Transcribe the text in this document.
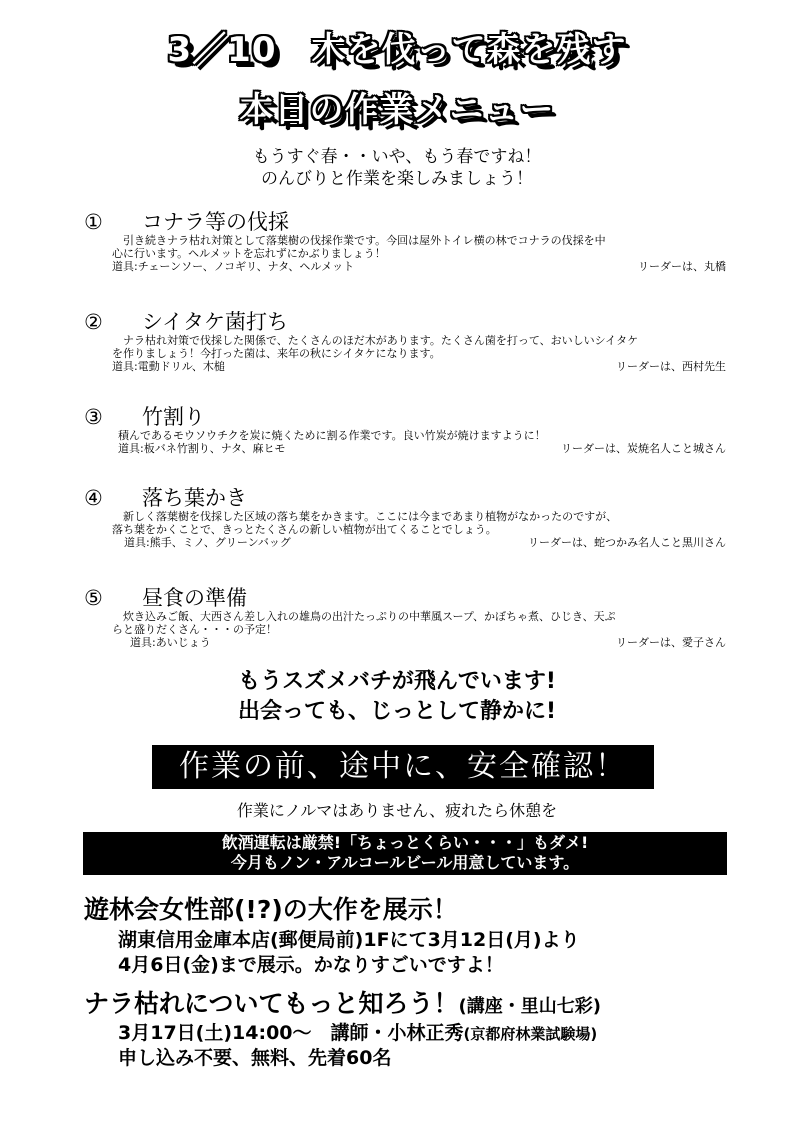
3／10　木を伐って森を残す
本日の作業メニュー
もうすぐ春・・いや、もう春ですね！
のんびりと作業を楽しみましょう！
① コナラ等の伐採
　引き続きナラ枯れ対策として落葉樹の伐採作業です。今回は屋外トイレ横の林でコナラの伐採を中
心に行います。ヘルメットを忘れずにかぶりましょう！
道具:チェーンソー、ノコギリ、ナタ、ヘルメット	リーダーは、丸橋
② シイタケ菌打ち
　ナラ枯れ対策で伐採した関係で、たくさんのほだ木があります。たくさん菌を打って、おいしいシイタケ
を作りましょう！今打った菌は、来年の秋にシイタケになります。
道具:電動ドリル、木槌	リーダーは、西村先生
③ 竹割り
積んであるモウソウチクを炭に焼くために割る作業です。良い竹炭が焼けますように！
道具:板バネ竹割り、ナタ、麻ヒモ	リーダーは、炭焼名人こと城さん
④ 落ち葉かき
　新しく落葉樹を伐採した区域の落ち葉をかきます。ここには今まであまり植物がなかったのですが、
落ち葉をかくことで、きっとたくさんの新しい植物が出てくることでしょう。
道具:熊手、ミノ、グリーンバッグ	リーダーは、蛇つかみ名人こと黒川さん
⑤ 昼食の準備
　炊き込みご飯、大西さん差し入れの雄鳥の出汁たっぷりの中華風スープ、かぼちゃ煮、ひじき、天ぷ
らと盛りだくさん・・・の予定！
道具:あいじょう	リーダーは、愛子さん
もうスズメバチが飛んでいます!
出会っても、じっとして静かに!
作業の前、途中に、安全確認！
作業にノルマはありません、疲れたら休憩を
飲酒運転は厳禁!「ちょっとくらい・・・」もダメ!
今月もノン・アルコールビール用意しています。
遊林会女性部(!?)の大作を展示！
湖東信用金庫本店(郵便局前)1Fにて3月12日(月)より
4月6日(金)まで展示。かなりすごいですよ！
ナラ枯れについてもっと知ろう！(講座・里山七彩)
3月17日(土)14:00～　講師・小林正秀(京都府林業試験場)
申し込み不要、無料、先着60名
